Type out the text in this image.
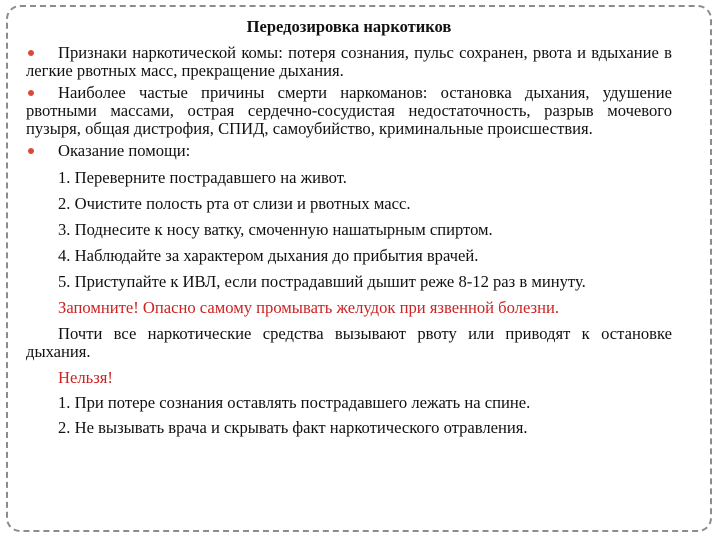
Передозировка наркотиков
Признаки наркотической комы: потеря сознания, пульс сохранен, рвота и вдыхание в легкие рвотных масс, прекращение дыхания.
Наиболее частые причины смерти наркоманов: остановка дыхания, удушение рвотными массами, острая сердечно-сосудистая недостаточность, разрыв мочевого пузыря, общая дистрофия, СПИД, самоубийство, криминальные происшествия.
Оказание помощи:
1. Переверните пострадавшего на живот.
2. Очистите полость рта от слизи и рвотных масс.
3. Поднесите к носу ватку, смоченную нашатырным спиртом.
4. Наблюдайте за характером дыхания до прибытия врачей.
5. Приступайте к ИВЛ, если пострадавший дышит реже 8-12 раз в минуту.
Запомните! Опасно самому промывать желудок при язвенной болезни.
Почти все наркотические средства вызывают рвоту или приводят к остановке дыхания.
Нельзя!
1. При потере сознания оставлять пострадавшего лежать на спине.
2. Не вызывать врача и скрывать факт наркотического отравления.
